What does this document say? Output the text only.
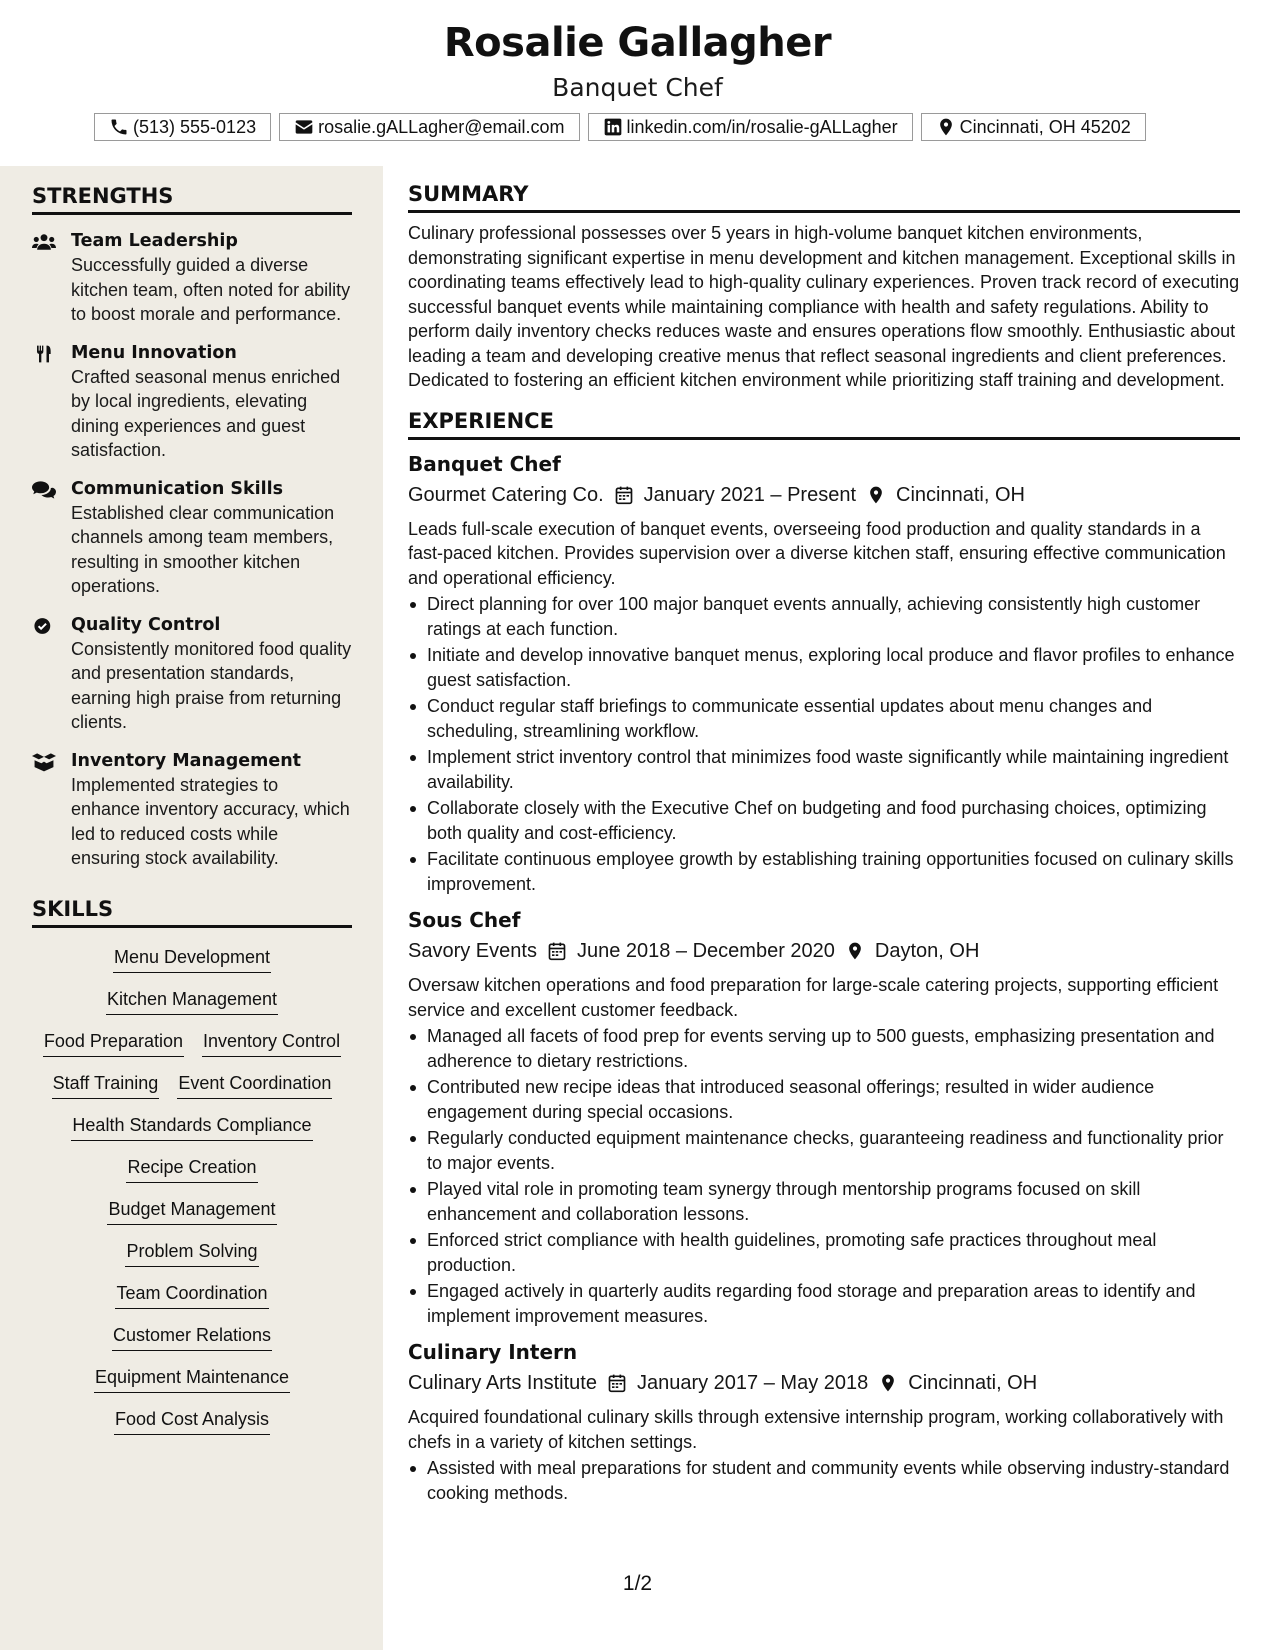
Rosalie Gallagher
Banquet Chef
(513) 555-0123	rosalie.gALLagher@email.com	linkedin.com/in/rosalie-gALLagher	Cincinnati, OH 45202
STRENGTHS
Team Leadership
Successfully guided a diverse kitchen team, often noted for ability to boost morale and performance.
Menu Innovation
Crafted seasonal menus enriched by local ingredients, elevating dining experiences and guest satisfaction.
Communication Skills
Established clear communication channels among team members, resulting in smoother kitchen operations.
Quality Control
Consistently monitored food quality and presentation standards, earning high praise from returning clients.
Inventory Management
Implemented strategies to enhance inventory accuracy, which led to reduced costs while ensuring stock availability.
SKILLS
Menu Development
Kitchen Management
Food Preparation Inventory Control
Staff Training Event Coordination
Health Standards Compliance
Recipe Creation
Budget Management
Problem Solving
Team Coordination
Customer Relations
Equipment Maintenance
Food Cost Analysis
SUMMARY
Culinary professional possesses over 5 years in high-volume banquet kitchen environments, demonstrating significant expertise in menu development and kitchen management. Exceptional skills in coordinating teams effectively lead to high-quality culinary experiences. Proven track record of executing successful banquet events while maintaining compliance with health and safety regulations. Ability to perform daily inventory checks reduces waste and ensures operations flow smoothly. Enthusiastic about leading a team and developing creative menus that reflect seasonal ingredients and client preferences. Dedicated to fostering an efficient kitchen environment while prioritizing staff training and development.
EXPERIENCE
Banquet Chef
Gourmet Catering Co. January 2021 – Present Cincinnati, OH
Leads full-scale execution of banquet events, overseeing food production and quality standards in a fast-paced kitchen. Provides supervision over a diverse kitchen staff, ensuring effective communication and operational efficiency.
Direct planning for over 100 major banquet events annually, achieving consistently high customer ratings at each function.
Initiate and develop innovative banquet menus, exploring local produce and flavor profiles to enhance guest satisfaction.
Conduct regular staff briefings to communicate essential updates about menu changes and scheduling, streamlining workflow.
Implement strict inventory control that minimizes food waste significantly while maintaining ingredient availability.
Collaborate closely with the Executive Chef on budgeting and food purchasing choices, optimizing both quality and cost-efficiency.
Facilitate continuous employee growth by establishing training opportunities focused on culinary skills improvement.
Sous Chef
Savory Events June 2018 – December 2020 Dayton, OH
Oversaw kitchen operations and food preparation for large-scale catering projects, supporting efficient service and excellent customer feedback.
Managed all facets of food prep for events serving up to 500 guests, emphasizing presentation and adherence to dietary restrictions.
Contributed new recipe ideas that introduced seasonal offerings; resulted in wider audience engagement during special occasions.
Regularly conducted equipment maintenance checks, guaranteeing readiness and functionality prior to major events.
Played vital role in promoting team synergy through mentorship programs focused on skill enhancement and collaboration lessons.
Enforced strict compliance with health guidelines, promoting safe practices throughout meal production.
Engaged actively in quarterly audits regarding food storage and preparation areas to identify and implement improvement measures.
Culinary Intern
Culinary Arts Institute January 2017 – May 2018 Cincinnati, OH
Acquired foundational culinary skills through extensive internship program, working collaboratively with chefs in a variety of kitchen settings.
Assisted with meal preparations for student and community events while observing industry-standard cooking methods.
1/2
